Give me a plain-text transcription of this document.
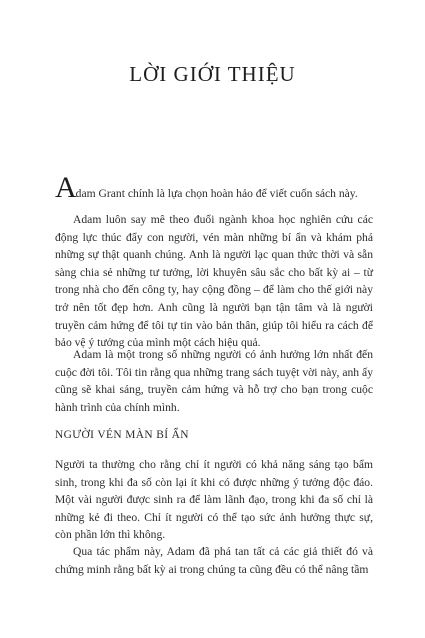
LỜI GIỚI THIỆU
Adam Grant chính là lựa chọn hoàn hảo để viết cuốn sách này.
Adam luôn say mê theo đuổi ngành khoa học nghiên cứu các động lực thúc đẩy con người, vén màn những bí ẩn và khám phá những sự thật quanh chúng. Anh là người lạc quan thức thời và sẵn sàng chia sẻ những tư tưởng, lời khuyên sâu sắc cho bất kỳ ai – từ trong nhà cho đến công ty, hay cộng đồng – để làm cho thế giới này trở nên tốt đẹp hơn. Anh cũng là người bạn tận tâm và là người truyền cảm hứng để tôi tự tin vào bản thân, giúp tôi hiểu ra cách để bảo vệ ý tưởng của mình một cách hiệu quả.
Adam là một trong số những người có ảnh hưởng lớn nhất đến cuộc đời tôi. Tôi tin rằng qua những trang sách tuyệt vời này, anh ấy cũng sẽ khai sáng, truyền cảm hứng và hỗ trợ cho bạn trong cuộc hành trình của chính mình.
NGƯỜI VÉN MÀN BÍ ẨN
Người ta thường cho rằng chỉ ít người có khả năng sáng tạo bẩm sinh, trong khi đa số còn lại ít khi có được những ý tưởng độc đáo. Một vài người được sinh ra để làm lãnh đạo, trong khi đa số chỉ là những kẻ đi theo. Chỉ ít người có thể tạo sức ảnh hưởng thực sự, còn phần lớn thì không.
Qua tác phẩm này, Adam đã phá tan tất cả các giả thiết đó và chứng minh rằng bất kỳ ai trong chúng ta cũng đều có thể nâng tầm
